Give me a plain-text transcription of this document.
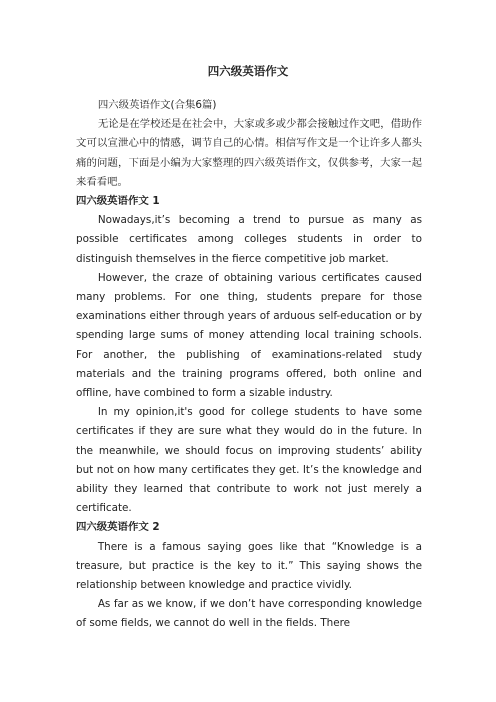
四六级英语作文

四六级英语作文(合集6篇)

无论是在学校还是在社会中，大家或多或少都会接触过作文吧，借助作文可以宣泄心中的情感，调节自己的心情。相信写作文是一个让许多人都头痛的问题，下面是小编为大家整理的四六级英语作文，仅供参考，大家一起来看看吧。

四六级英语作文 1

Nowadays,it’s becoming a trend to pursue as many as possible certificates among colleges students in order to distinguish themselves in the fierce competitive job market.

However, the craze of obtaining various certificates caused many problems. For one thing, students prepare for those examinations either through years of arduous self-education or by spending large sums of money attending local training schools. For another, the publishing of examinations-related study materials and the training programs offered, both online and offline, have combined to form a sizable industry.

In my opinion,it's good for college students to have some certificates if they are sure what they would do in the future. In the meanwhile, we should focus on improving students’ ability but not on how many certificates they get. It’s the knowledge and ability they learned that contribute to work not just merely a certificate.

四六级英语作文 2

There is a famous saying goes like that “Knowledge is a treasure, but practice is the key to it.” This saying shows the relationship between knowledge and practice vividly.

As far as we know, if we don’t have corresponding knowledge of some fields, we cannot do well in the fields. There
